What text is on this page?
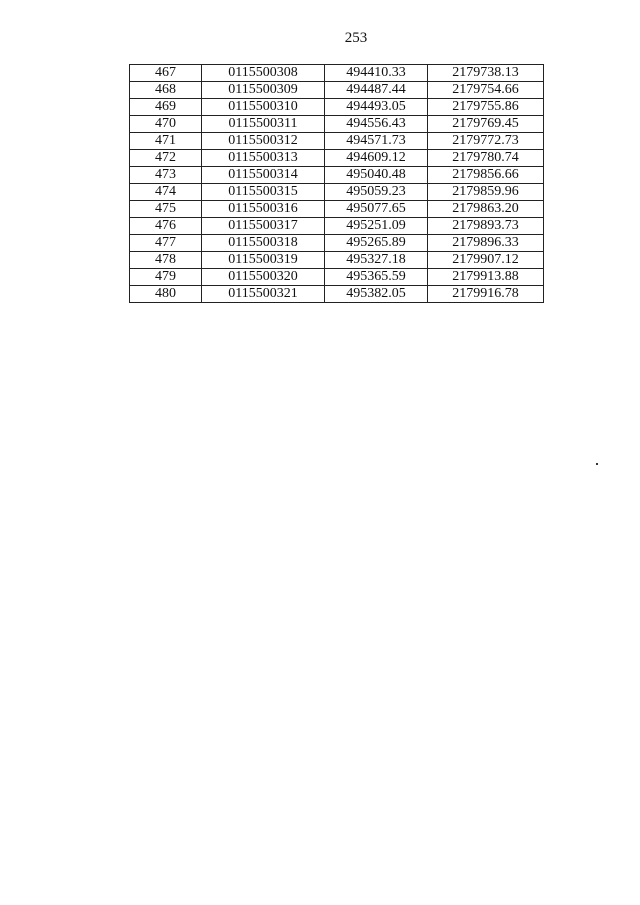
253
467	0115500308	494410.33	2179738.13
468	0115500309	494487.44	2179754.66
469	0115500310	494493.05	2179755.86
470	0115500311	494556.43	2179769.45
471	0115500312	494571.73	2179772.73
472	0115500313	494609.12	2179780.74
473	0115500314	495040.48	2179856.66
474	0115500315	495059.23	2179859.96
475	0115500316	495077.65	2179863.20
476	0115500317	495251.09	2179893.73
477	0115500318	495265.89	2179896.33
478	0115500319	495327.18	2179907.12
479	0115500320	495365.59	2179913.88
480	0115500321	495382.05	2179916.78
